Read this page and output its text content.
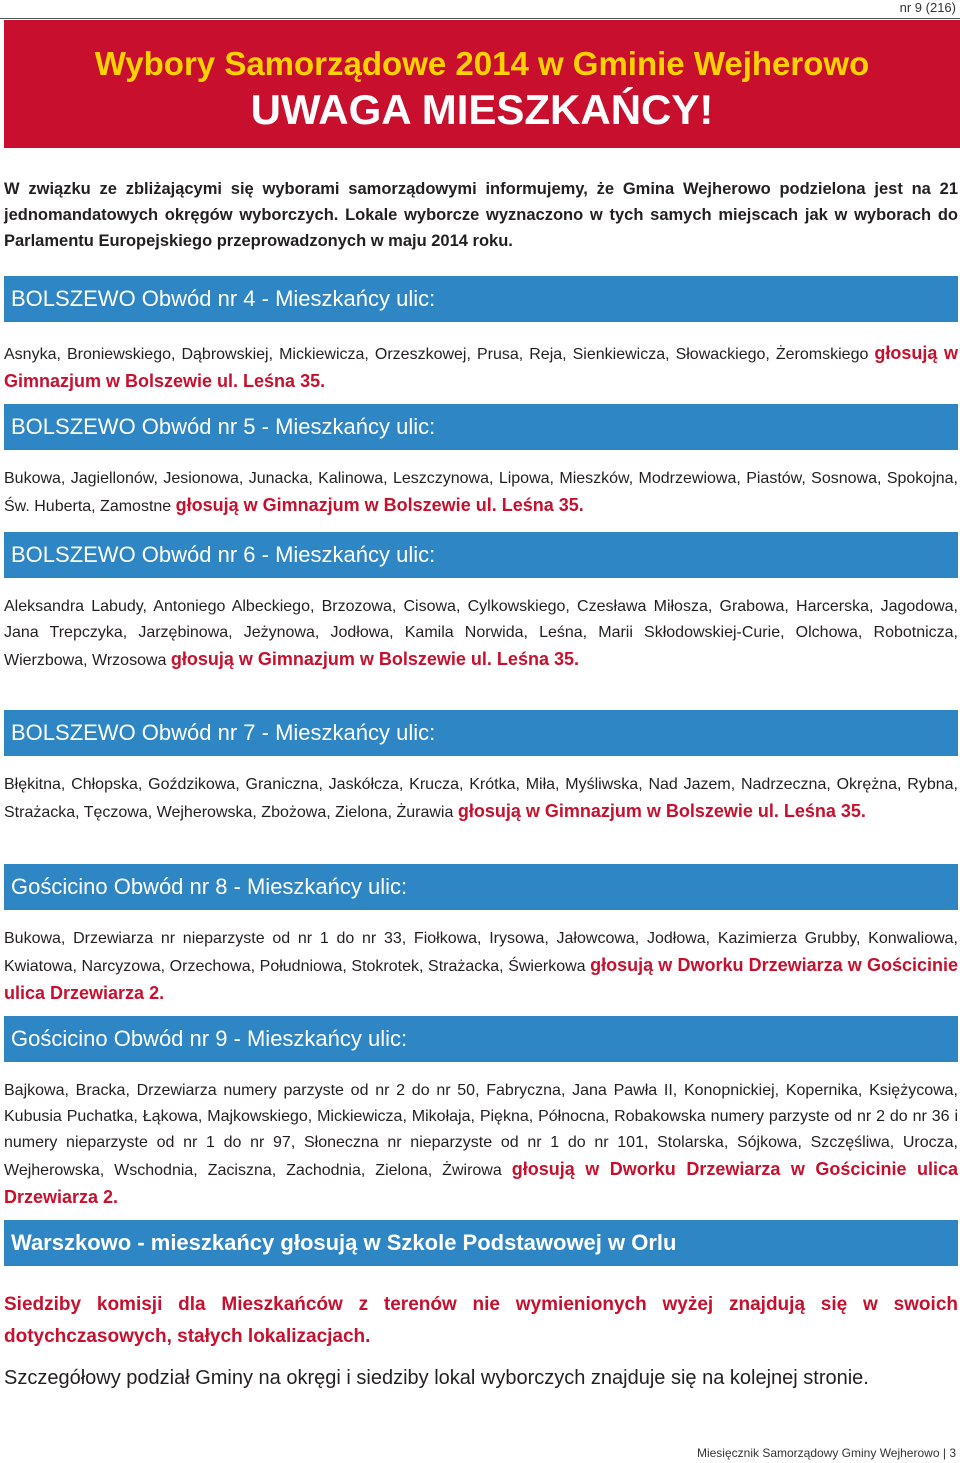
nr 9 (216)
Wybory Samorządowe 2014 w Gminie Wejherowo
UWAGA MIESZKAŃCY!
W związku ze zbliżającymi się wyborami samorządowymi informujemy, że Gmina Wejherowo podzielona jest na 21 jednomandatowych okręgów wyborczych. Lokale wyborcze wyznaczono w tych samych miejscach jak w wyborach do Parlamentu Europejskiego przeprowadzonych w maju 2014 roku.
BOLSZEWO Obwód nr 4 - Mieszkańcy ulic:
Asnyka, Broniewskiego, Dąbrowskiej, Mickiewicza, Orzeszkowej, Prusa, Reja, Sienkiewicza, Słowackiego, Żeromskiego głosują w Gimnazjum w Bolszewie ul. Leśna 35.
BOLSZEWO Obwód nr 5 - Mieszkańcy ulic:
Bukowa, Jagiellonów, Jesionowa, Junacka, Kalinowa, Leszczynowa, Lipowa, Mieszków, Modrzewiowa, Piastów, Sosnowa, Spokojna, Św. Huberta, Zamostne głosują w Gimnazjum w Bolszewie ul. Leśna 35.
BOLSZEWO Obwód nr 6 - Mieszkańcy ulic:
Aleksandra Labudy, Antoniego Albeckiego, Brzozowa, Cisowa, Cylkowskiego, Czesława Miłosza, Grabowa, Harcerska, Jagodowa, Jana Trepczyka, Jarzębinowa, Jeżynowa, Jodłowa, Kamila Norwida, Leśna, Marii Skłodowskiej-Curie, Olchowa, Robotnicza, Wierzbowa, Wrzosowa głosują w Gimnazjum w Bolszewie ul. Leśna 35.
BOLSZEWO Obwód nr 7 - Mieszkańcy ulic:
Błękitna, Chłopska, Goździkowa, Graniczna, Jaskółcza, Krucza, Krótka, Miła, Myśliwska, Nad Jazem, Nadrzeczna, Okrężna, Rybna, Strażacka, Tęczowa, Wejherowska, Zbożowa, Zielona, Żurawia głosują w Gimnazjum w Bolszewie ul. Leśna 35.
Gościcino Obwód nr 8 - Mieszkańcy ulic:
Bukowa, Drzewiarza nr nieparzyste od nr 1 do nr 33, Fiołkowa, Irysowa, Jałowcowa, Jodłowa, Kazimierza Grubby, Konwaliowa, Kwiatowa, Narcyzowa, Orzechowa, Południowa, Stokrotek, Strażacka, Świerkowa głosują w Dworku Drzewiarza w Gościcinie ulica Drzewiarza 2.
Gościcino Obwód nr 9 - Mieszkańcy ulic:
Bajkowa, Bracka, Drzewiarza numery parzyste od nr 2 do nr 50, Fabryczna, Jana Pawła II, Konopnickiej, Kopernika, Księżycowa, Kubusia Puchatka, Łąkowa, Majkowskiego, Mickiewicza, Mikołaja, Piękna, Północna, Robakowska numery parzyste od nr 2 do nr 36 i numery nieparzyste od nr 1 do nr 97, Słoneczna nr nieparzyste od nr 1 do nr 101, Stolarska, Sójkowa, Szczęśliwa, Urocza, Wejherowska, Wschodnia, Zaciszna, Zachodnia, Zielona, Żwirowa głosują w Dworku Drzewiarza w Gościcinie ulica Drzewiarza 2.
Warszkowo - mieszkańcy głosują w Szkole Podstawowej w Orlu
Siedziby komisji dla Mieszkańców z terenów nie wymienionych wyżej znajdują się w swoich dotychczasowych, stałych lokalizacjach.
Szczegółowy podział Gminy na okręgi i siedziby lokal wyborczych znajduje się na kolejnej stronie.
Miesięcznik Samorządowy Gminy Wejherowo | 3
